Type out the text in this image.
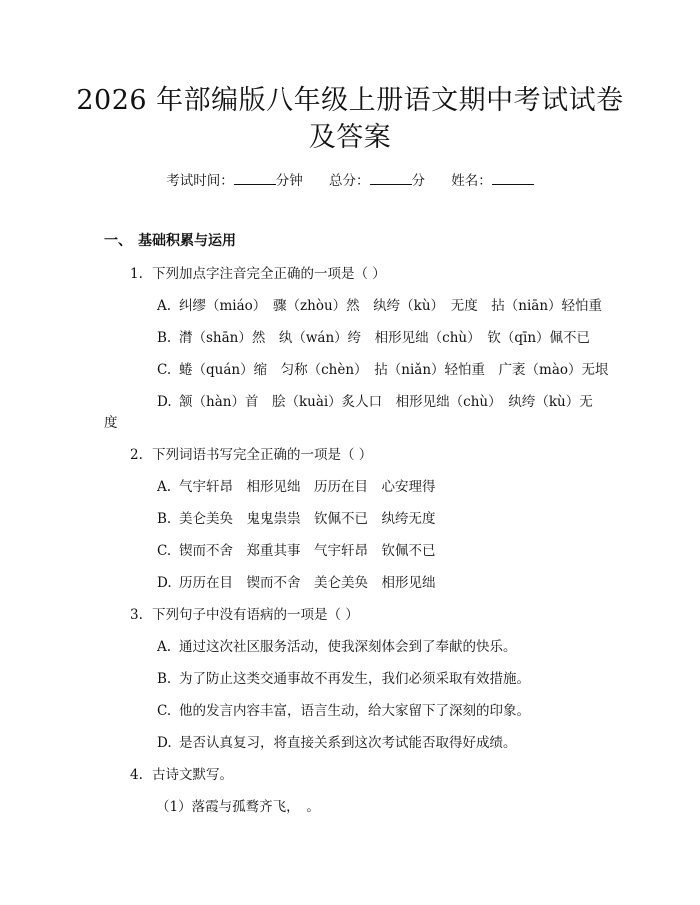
2026 年部编版八年级上册语文期中考试试卷
及答案
考试时间：	分钟 总分：	分 姓名：
一、 基础积累与运用
1. 下列加点字注音完全正确的一项是（ ）
A. 纠缪（miáo）　骤（zhòu）然　纨绔（kù）　无度　拈（niān）轻怕重
B. 潸（shān）然　纨（wán）绔　相形见绌（chù）　钦（qīn）佩不已
C. 蜷（quán）缩　匀称（chèn）　拈（niǎn）轻怕重　广袤（mào）无垠
D. 颔（hàn）首　脍（kuài）炙人口　相形见绌（chù）　纨绔（kù）无
度
2. 下列词语书写完全正确的一项是（ ）
A. 气宇轩昂　相形见绌　历历在目　心安理得
B. 美仑美奂　鬼鬼祟祟　钦佩不已　纨绔无度
C. 锲而不舍　郑重其事　气宇轩昂　钦佩不已
D. 历历在目　锲而不舍　美仑美奂　相形见绌
3. 下列句子中没有语病的一项是（ ）
A. 通过这次社区服务活动，使我深刻体会到了奉献的快乐。
B. 为了防止这类交通事故不再发生，我们必须采取有效措施。
C. 他的发言内容丰富，语言生动，给大家留下了深刻的印象。
D. 是否认真复习，将直接关系到这次考试能否取得好成绩。
4. 古诗文默写。
（1）落霞与孤鹜齐飞，　。
